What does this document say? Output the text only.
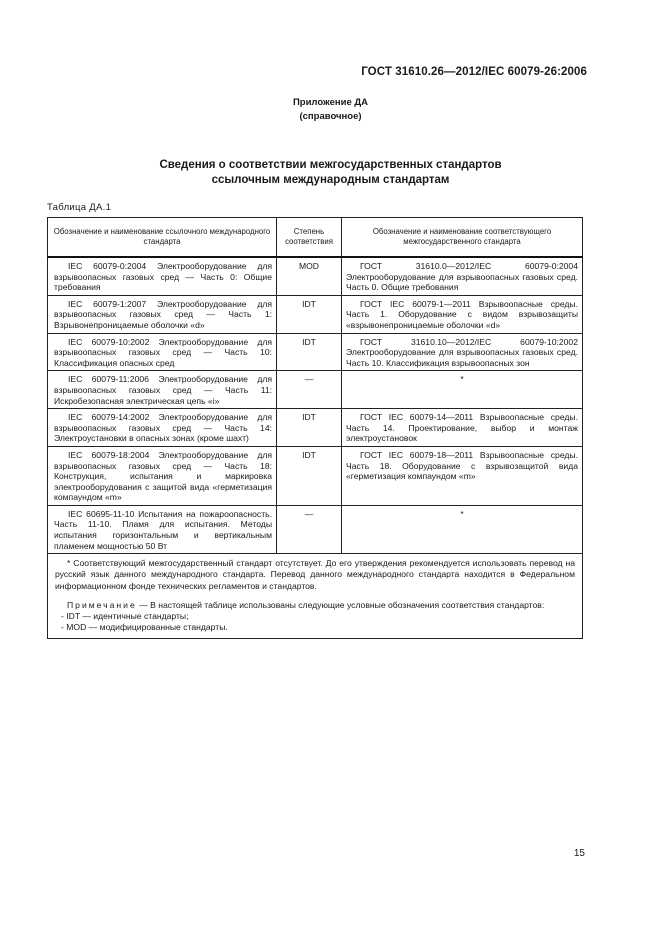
ГОСТ 31610.26—2012/IEC 60079-26:2006
Приложение ДА
(справочное)
Сведения о соответствии межгосударственных стандартов
ссылочным международным стандартам
Таблица ДА.1
Обозначение и наименование ссылочного международного стандарта	Степень соответствия	Обозначение и наименование соответствующего межгосударственного стандарта
IEC 60079-0:2004 Электрооборудование для взрывоопасных газовых сред — Часть 0: Общие требования	MOD	ГОСТ 31610.0—2012/IEC 60079-0:2004 Электрооборудование для взрывоопасных газовых сред. Часть 0. Общие требования
IEC 60079-1:2007 Электрооборудование для взрывоопасных газовых сред — Часть 1: Взрывонепроницаемые оболочки «d»	IDT	ГОСТ IEC 60079-1—2011 Взрывоопасные среды. Часть 1. Оборудование с видом взрывозащиты «взрывонепроницаемые оболочки «d»
IEC 60079-10:2002 Электрооборудование для взрывоопасных газовых сред — Часть 10: Классификация опасных сред	IDT	ГОСТ 31610.10—2012/IEC 60079-10:2002 Электрооборудование для взрывоопасных газовых сред. Часть 10. Классификация взрывоопасных зон
IEC 60079-11:2006 Электрооборудование для взрывоопасных газовых сред — Часть 11: Искробезопасная электрическая цепь «i»	—	*
IEC 60079-14:2002 Электрооборудование для взрывоопасных газовых сред — Часть 14: Электроустановки в опасных зонах (кроме шахт)	IDT	ГОСТ IEC 60079-14—2011 Взрывоопасные среды. Часть 14. Проектирование, выбор и монтаж электроустановок
IEC 60079-18:2004 Электрооборудование для взрывоопасных газовых сред — Часть 18: Конструкция, испытания и маркировка электрооборудования с защитой вида «герметизация компаундом «m»	IDT	ГОСТ IEC 60079-18—2011 Взрывоопасные среды. Часть 18. Оборудование с взрывозащитой вида «герметизация компаундом «m»
IEC 60695-11-10 Испытания на пожароопасность. Часть 11-10. Пламя для испытания. Методы испытания горизонтальным и вертикальным пламенем мощностью 50 Вт	—	*

* Соответствующий межгосударственный стандарт отсутствует. До его утверждения рекомендуется использовать перевод на русский язык данного международного стандарта. Перевод данного международного стандарта находится в Федеральном информационном фонде технических регламентов и стандартов.

Примечание — В настоящей таблице использованы следующие условные обозначения соответствия стандартов:

- IDT — идентичные стандарты;

- MOD — модифицированные стандарты.		

15
